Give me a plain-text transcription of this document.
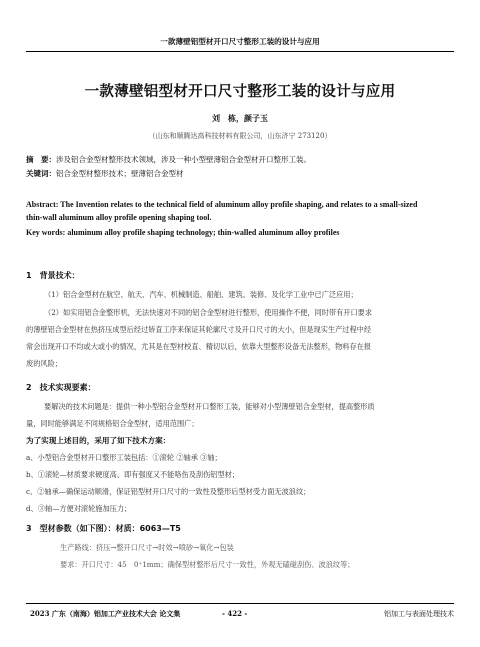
一款薄壁铝型材开口尺寸整形工装的设计与应用
一款薄壁铝型材开口尺寸整形工装的设计与应用
刘　栋，颜子玉
（山东和顺腾达高科技材料有限公司，山东济宁 273120）
摘　要：涉及铝合金型材整形技术领域，涉及一种小型壁薄铝合金型材开口整形工装。
关键词：铝合金型材整形技术；壁薄铝合金型材
Abstract: The Invention relates to the technical field of aluminum alloy profile shaping, and relates to a small-sized
thin-wall aluminum alloy profile opening shaping tool.
Key words: aluminum alloy profile shaping technology; thin-walled aluminum alloy profiles
1　背景技术：
（1）铝合金型材在航空、航天、汽车、机械制造、船舶、建筑、装修、及化学工业中已广泛应用；
（2）如实用铝合金整形机，无法快速对不同的铝合金型材进行整形，使用操作不便，同时带有开口要求
的薄壁铝合金型材在热挤压成型后经过矫直工序来保证其轮廓尺寸及开口尺寸的大小，但是现实生产过程中经
常会出现开口不均或大或小的情况，尤其是在型材校直、精切以后，依靠大型整形设备无法整形，物料存在报
废的风险；
2　技术实现要素：
要解决的技术问题是：提供一种小型铝合金型材开口整形工装，能够对小型薄壁铝合金型材，提高整形质
量，同时能够满足不同规格铝合金型材，适用范围广；
为了实现上述目的，采用了如下技术方案：
a、小型铝合金型材开口整形工装包括：①滚轮 ②轴承 ③轴；
b、①滚轮—材质要求硬度高、即有强度又不能咯伤及刮伤铝型材；
c、②轴承—确保运动顺滑，保证铝型材开口尺寸的一致性及整形后型材受力面无波浪纹；
d、③轴—方便对滚轮施加压力；
3　型材参数（如下图）：材质：6063—T5
生产路线：挤压→整开口尺寸→时效→喷砂→氧化→包装
要求：开口尺寸：45　0⁺1mm；确保型材整形后尺寸一致性，外观无磕碰刮伤、波浪纹等；
2023 广东（南海）铝加工产业技术大会 论文集	- 422 -	铝加工与表面处理技术
